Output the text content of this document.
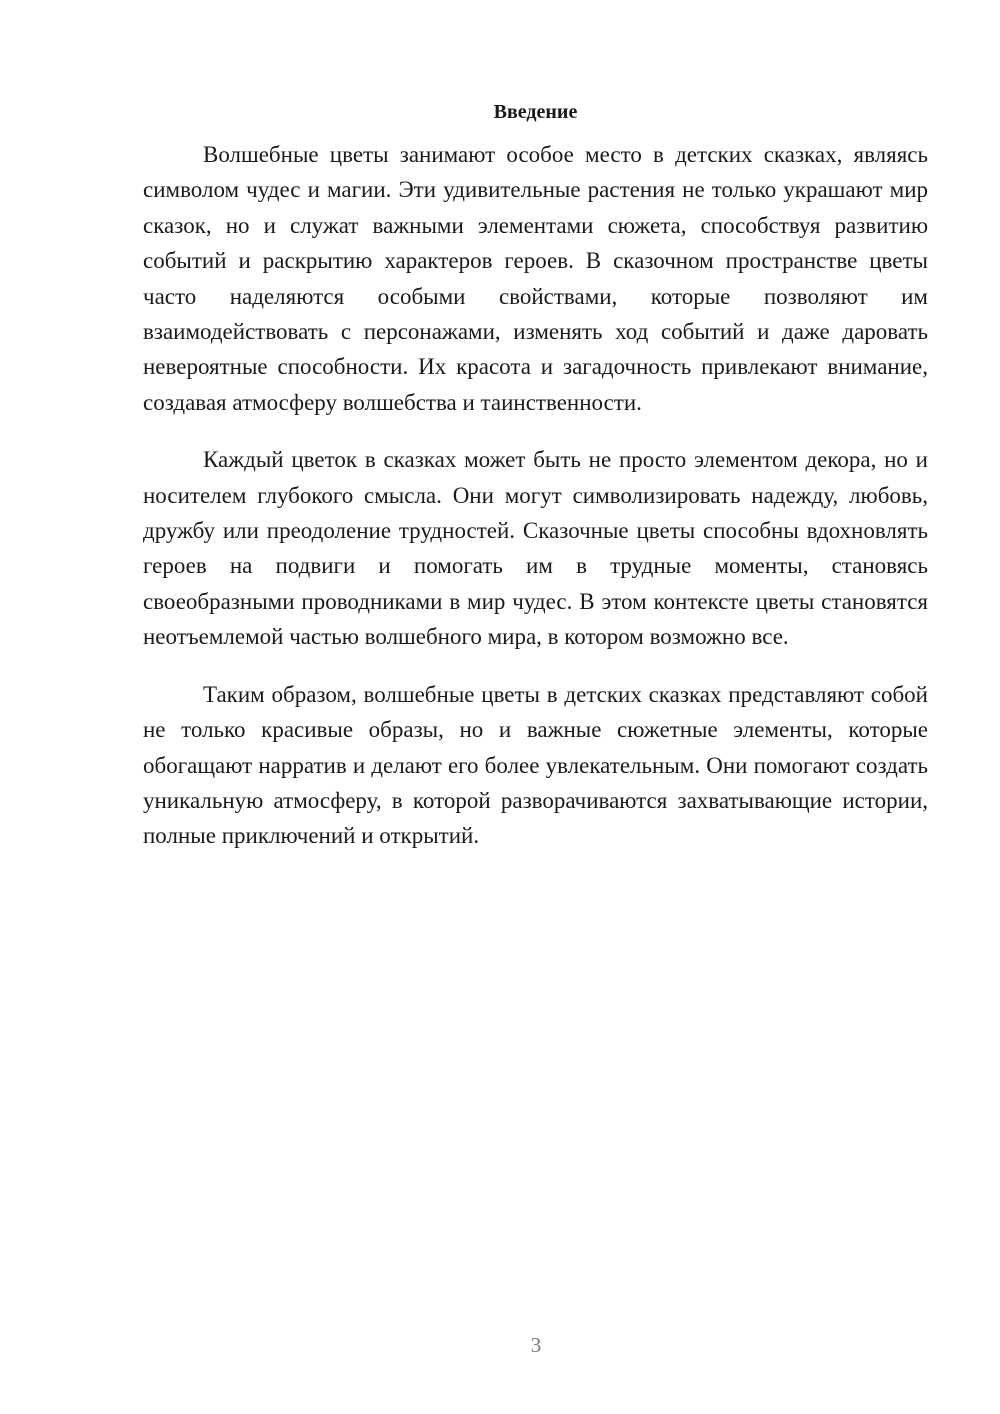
Введение

Волшебные цветы занимают особое место в детских сказках, являясь символом чудес и магии. Эти удивительные растения не только украшают мир сказок, но и служат важными элементами сюжета, способствуя развитию событий и раскрытию характеров героев. В сказочном пространстве цветы часто наделяются особыми свойствами, которые позволяют им взаимодействовать с персонажами, изменять ход событий и даже даровать невероятные способности. Их красота и загадочность привлекают внимание, создавая атмосферу волшебства и таинственности.

Каждый цветок в сказках может быть не просто элементом декора, но и носителем глубокого смысла. Они могут символизировать надежду, любовь, дружбу или преодоление трудностей. Сказочные цветы способны вдохновлять героев на подвиги и помогать им в трудные моменты, становясь своеобразными проводниками в мир чудес. В этом контексте цветы становятся неотъемлемой частью волшебного мира, в котором возможно все.

Таким образом, волшебные цветы в детских сказках представляют собой не только красивые образы, но и важные сюжетные элементы, которые обогащают нарратив и делают его более увлекательным. Они помогают создать уникальную атмосферу, в которой разворачиваются захватывающие истории, полные приключений и открытий.

3
